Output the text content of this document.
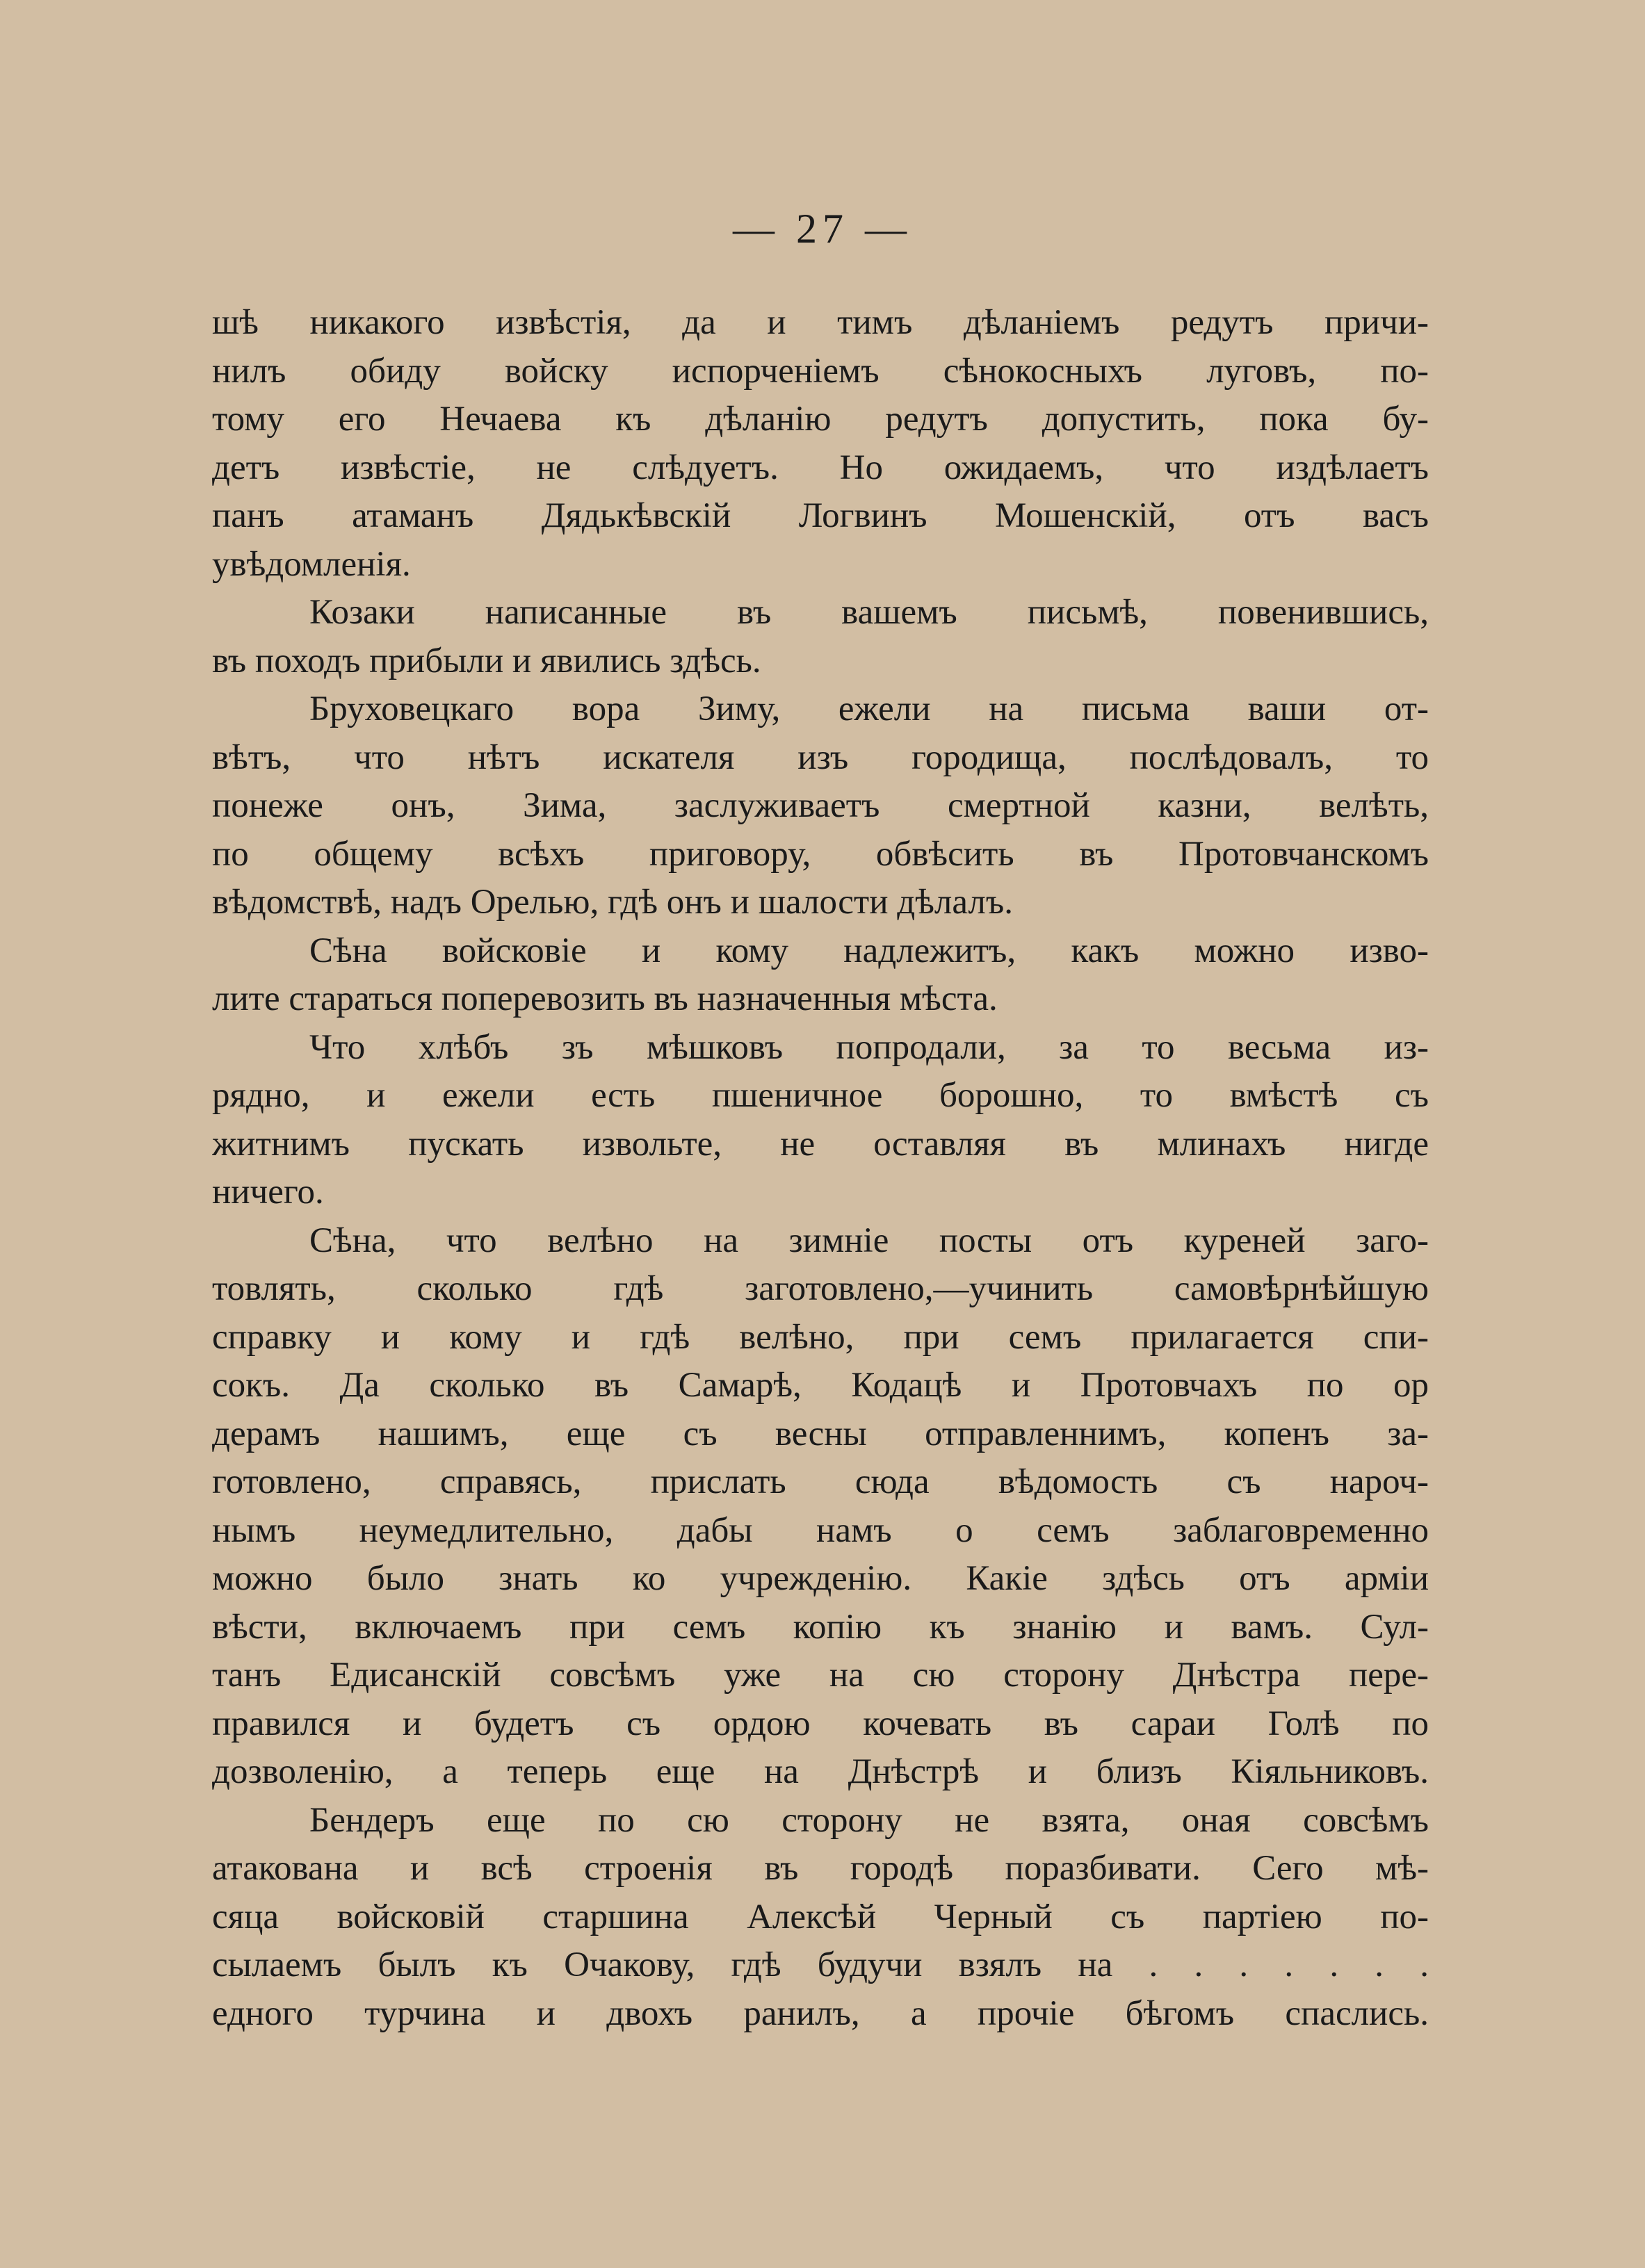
— 27 —
шѣ никакого извѣстія, да и тимъ дѣланіемъ редутъ причи-
нилъ обиду войску испорченіемъ сѣнокосныхъ луговъ, по-
тому его Нечаева къ дѣланію редутъ допустить, пока бу-
детъ извѣстіе, не слѣдуетъ. Но ожидаемъ, что издѣлаетъ
панъ атаманъ Дядькѣвскій Логвинъ Мошенскій, отъ васъ
увѣдомленія.
Козаки написанные въ вашемъ письмѣ, повенившись,
въ походъ прибыли и явились здѣсь.
Бруховецкаго вора Зиму, ежели на письма ваши от-
вѣтъ, что нѣтъ искателя изъ городища, послѣдовалъ, то
понеже онъ, Зима, заслуживаетъ смертной казни, велѣть,
по общему всѣхъ приговору, обвѣсить въ Протовчанскомъ
вѣдомствѣ, надъ Орелью, гдѣ онъ и шалости дѣлалъ.
Сѣна войсковіе и кому надлежитъ, какъ можно изво-
лите стараться поперевозить въ назначенныя мѣста.
Что хлѣбъ зъ мѣшковъ попродали, за то весьма из-
рядно, и ежели есть пшеничное борошно, то вмѣстѣ съ
житнимъ пускать извольте, не оставляя въ млинахъ нигде
ничего.
Сѣна, что велѣно на зимніе посты отъ куреней заго-
товлять, сколько гдѣ заготовлено,—учинить самовѣрнѣйшую
справку и кому и гдѣ велѣно, при семъ прилагается спи-
сокъ. Да сколько въ Самарѣ, Кодацѣ и Протовчахъ по ор
дерамъ нашимъ, еще съ весны отправленнимъ, копенъ за-
готовлено, справясь, прислать сюда вѣдомость съ нароч-
нымъ неумедлительно, дабы намъ о семъ заблаговременно
можно было знать ко учрежденію. Какіе здѣсь отъ арміи
вѣсти, включаемъ при семъ копію къ знанію и вамъ. Сул-
танъ Едисанскій совсѣмъ уже на сю сторону Днѣстра пере-
правился и будетъ съ ордою кочевать въ сараи Голѣ по
дозволенію, а теперь еще на Днѣстрѣ и близъ Кіяльниковъ.
Бендеръ еще по сю сторону не взята, оная совсѣмъ
атакована и всѣ строенія въ городѣ поразбивати. Сего мѣ-
сяца войсковій старшина Алексѣй Черный съ партіею по-
сылаемъ былъ къ Очакову, гдѣ будучи взялъ на . . . . . . .
едного турчина и двохъ ранилъ, а прочіе бѣгомъ спаслись.
